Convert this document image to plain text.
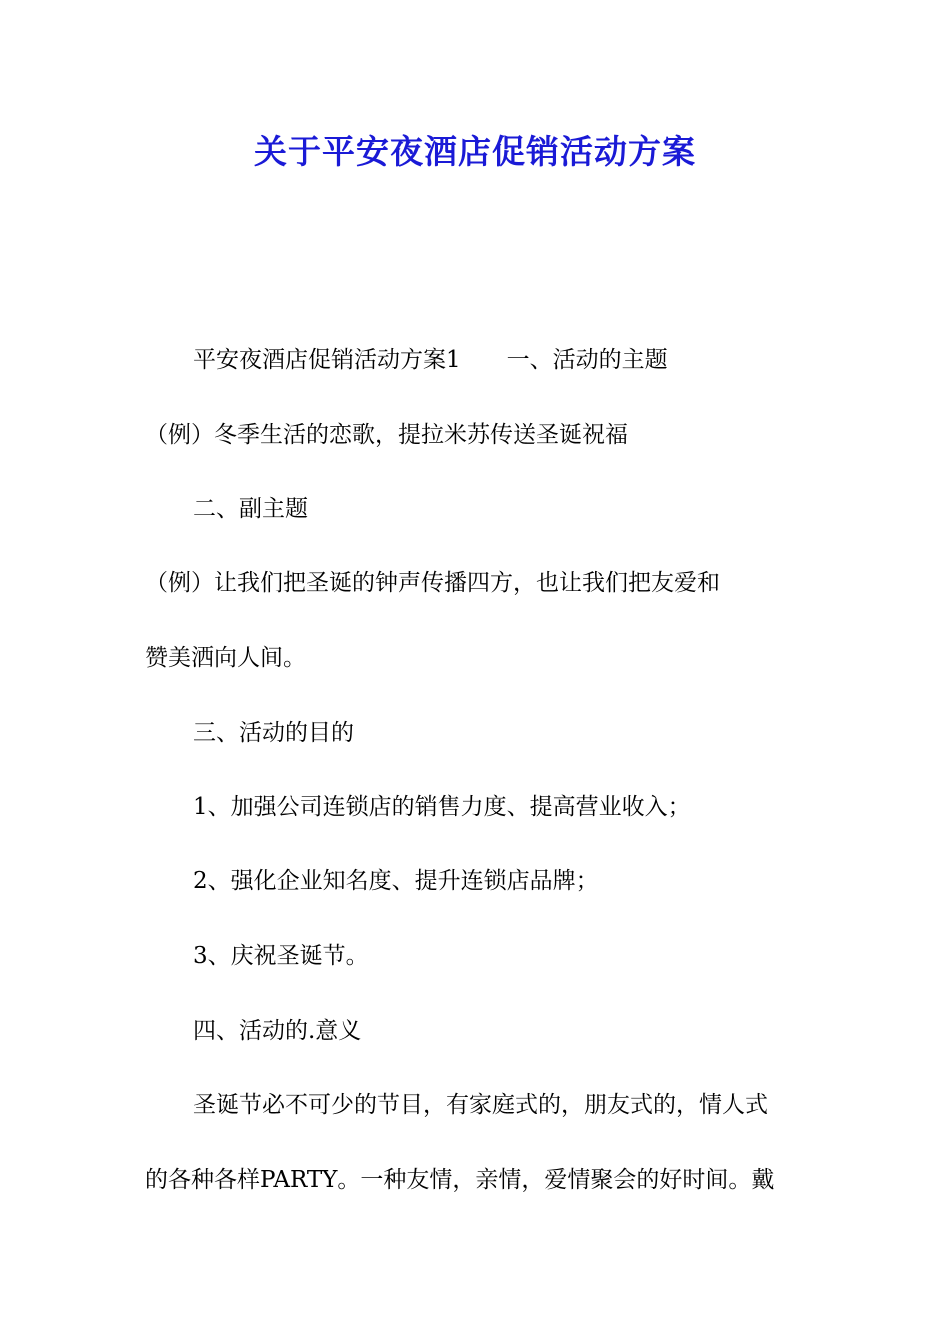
关于平安夜酒店促销活动方案
平安夜酒店促销活动方案1　　一、活动的主题
（例）冬季生活的恋歌，提拉米苏传送圣诞祝福
二、副主题
（例）让我们把圣诞的钟声传播四方，也让我们把友爱和
赞美洒向人间。
三、活动的目的
1、加强公司连锁店的销售力度、提高营业收入；
2、强化企业知名度、提升连锁店品牌；
3、庆祝圣诞节。
四、活动的.意义
圣诞节必不可少的节目，有家庭式的，朋友式的，情人式
的各种各样PARTY。一种友情，亲情，爱情聚会的好时间。戴
